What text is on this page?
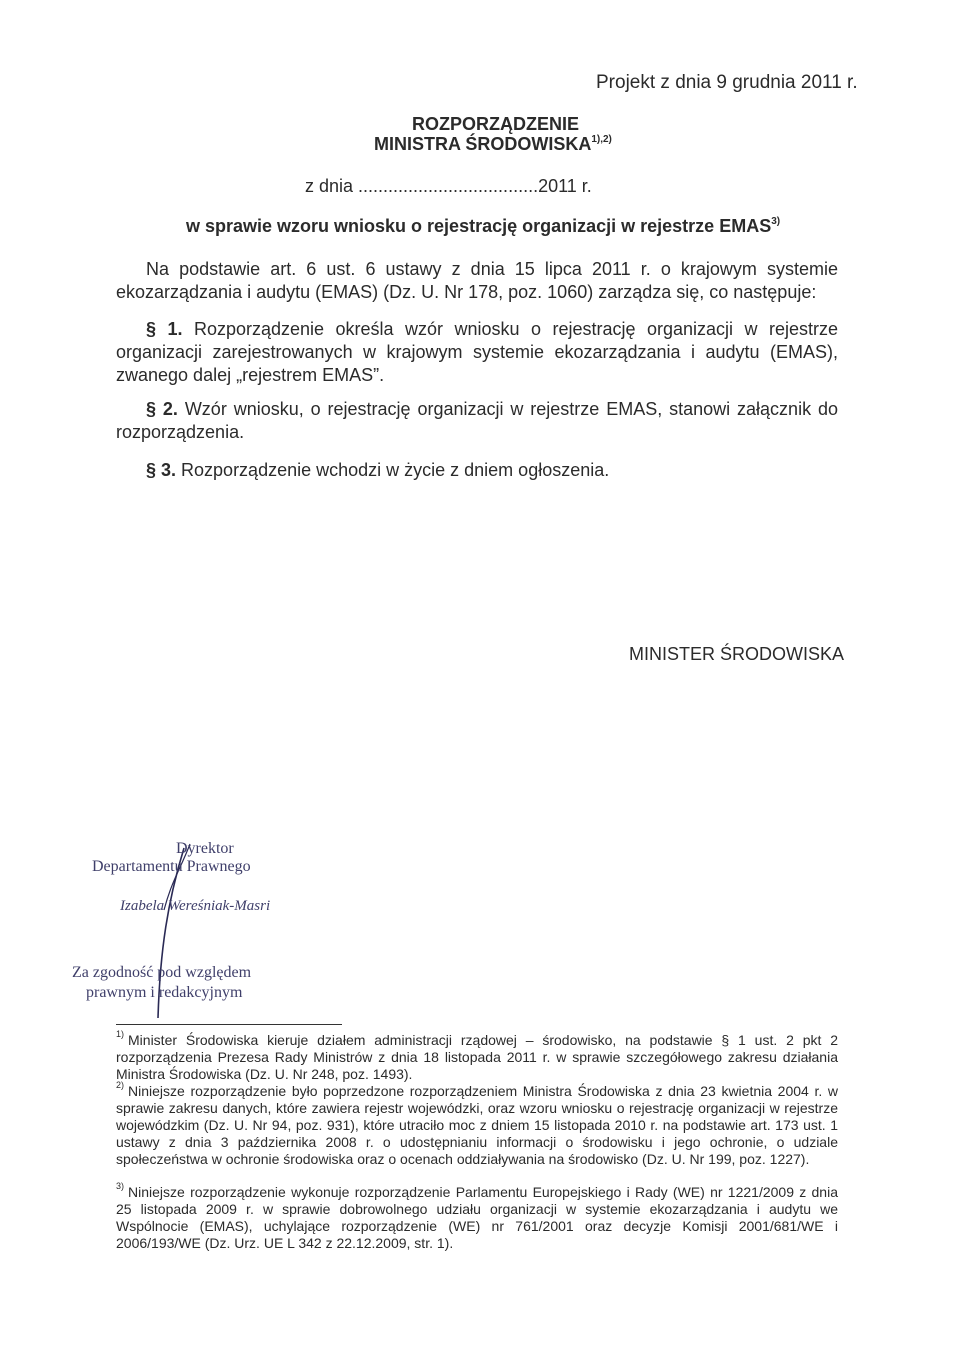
Projekt z dnia 9 grudnia 2011 r.
ROZPORZĄDZENIE
MINISTRA $ŚRODOWISKA^{1),2)}$
z dnia ....................................2011 r.
w sprawie wzoru wniosku o rejestrację organizacji w rejestrze EMAS$^{3)}$
Na podstawie art. 6 ust. 6 ustawy z dnia 15 lipca 2011 r. o krajowym systemie ekozarządzania i audytu (EMAS) (Dz. U. Nr 178, poz. 1060) zarządza się, co następuje:
§ 1. Rozporządzenie określa wzór wniosku o rejestrację organizacji w rejestrze organizacji zarejestrowanych w krajowym systemie ekozarządzania i audytu (EMAS), zwanego dalej „rejestrem EMAS”.
§ 2. Wzór wniosku, o rejestrację organizacji w rejestrze EMAS, stanowi załącznik do rozporządzenia.
§ 3. Rozporządzenie wchodzi w życie z dniem ogłoszenia.
MINISTER ŚRODOWISKA
Dyrektor
Departamentu Prawnego
Izabela Wereśniak-Masri
Za zgodność pod względem
prawnym i redakcyjnym
$^{1)}$ Minister Środowiska kieruje działem administracji rządowej – środowisko, na podstawie § 1 ust. 2 pkt 2 rozporządzenia Prezesa Rady Ministrów z dnia 18 listopada 2011 r. w sprawie szczegółowego zakresu działania Ministra Środowiska (Dz. U. Nr 248, poz. 1493).
$^{2)}$ Niniejsze rozporządzenie było poprzedzone rozporządzeniem Ministra Środowiska z dnia 23 kwietnia 2004 r. w sprawie zakresu danych, które zawiera rejestr wojewódzki, oraz wzoru wniosku o rejestrację organizacji w rejestrze wojewódzkim (Dz. U. Nr 94, poz. 931), które utraciło moc z dniem 15 listopada 2010 r. na podstawie art. 173 ust. 1 ustawy z dnia 3 października 2008 r. o udostępnianiu informacji o środowisku i jego ochronie, o udziale społeczeństwa w ochronie środowiska oraz o ocenach oddziaływania na środowisko (Dz. U. Nr 199, poz. 1227).
$^{3)}$ Niniejsze rozporządzenie wykonuje rozporządzenie Parlamentu Europejskiego i Rady (WE) nr 1221/2009 z dnia 25 listopada 2009 r. w sprawie dobrowolnego udziału organizacji w systemie ekozarządzania i audytu we Wspólnocie (EMAS), uchylające rozporządzenie (WE) nr 761/2001 oraz decyzje Komisji 2001/681/WE i 2006/193/WE (Dz. Urz. UE L 342 z 22.12.2009, str. 1).
